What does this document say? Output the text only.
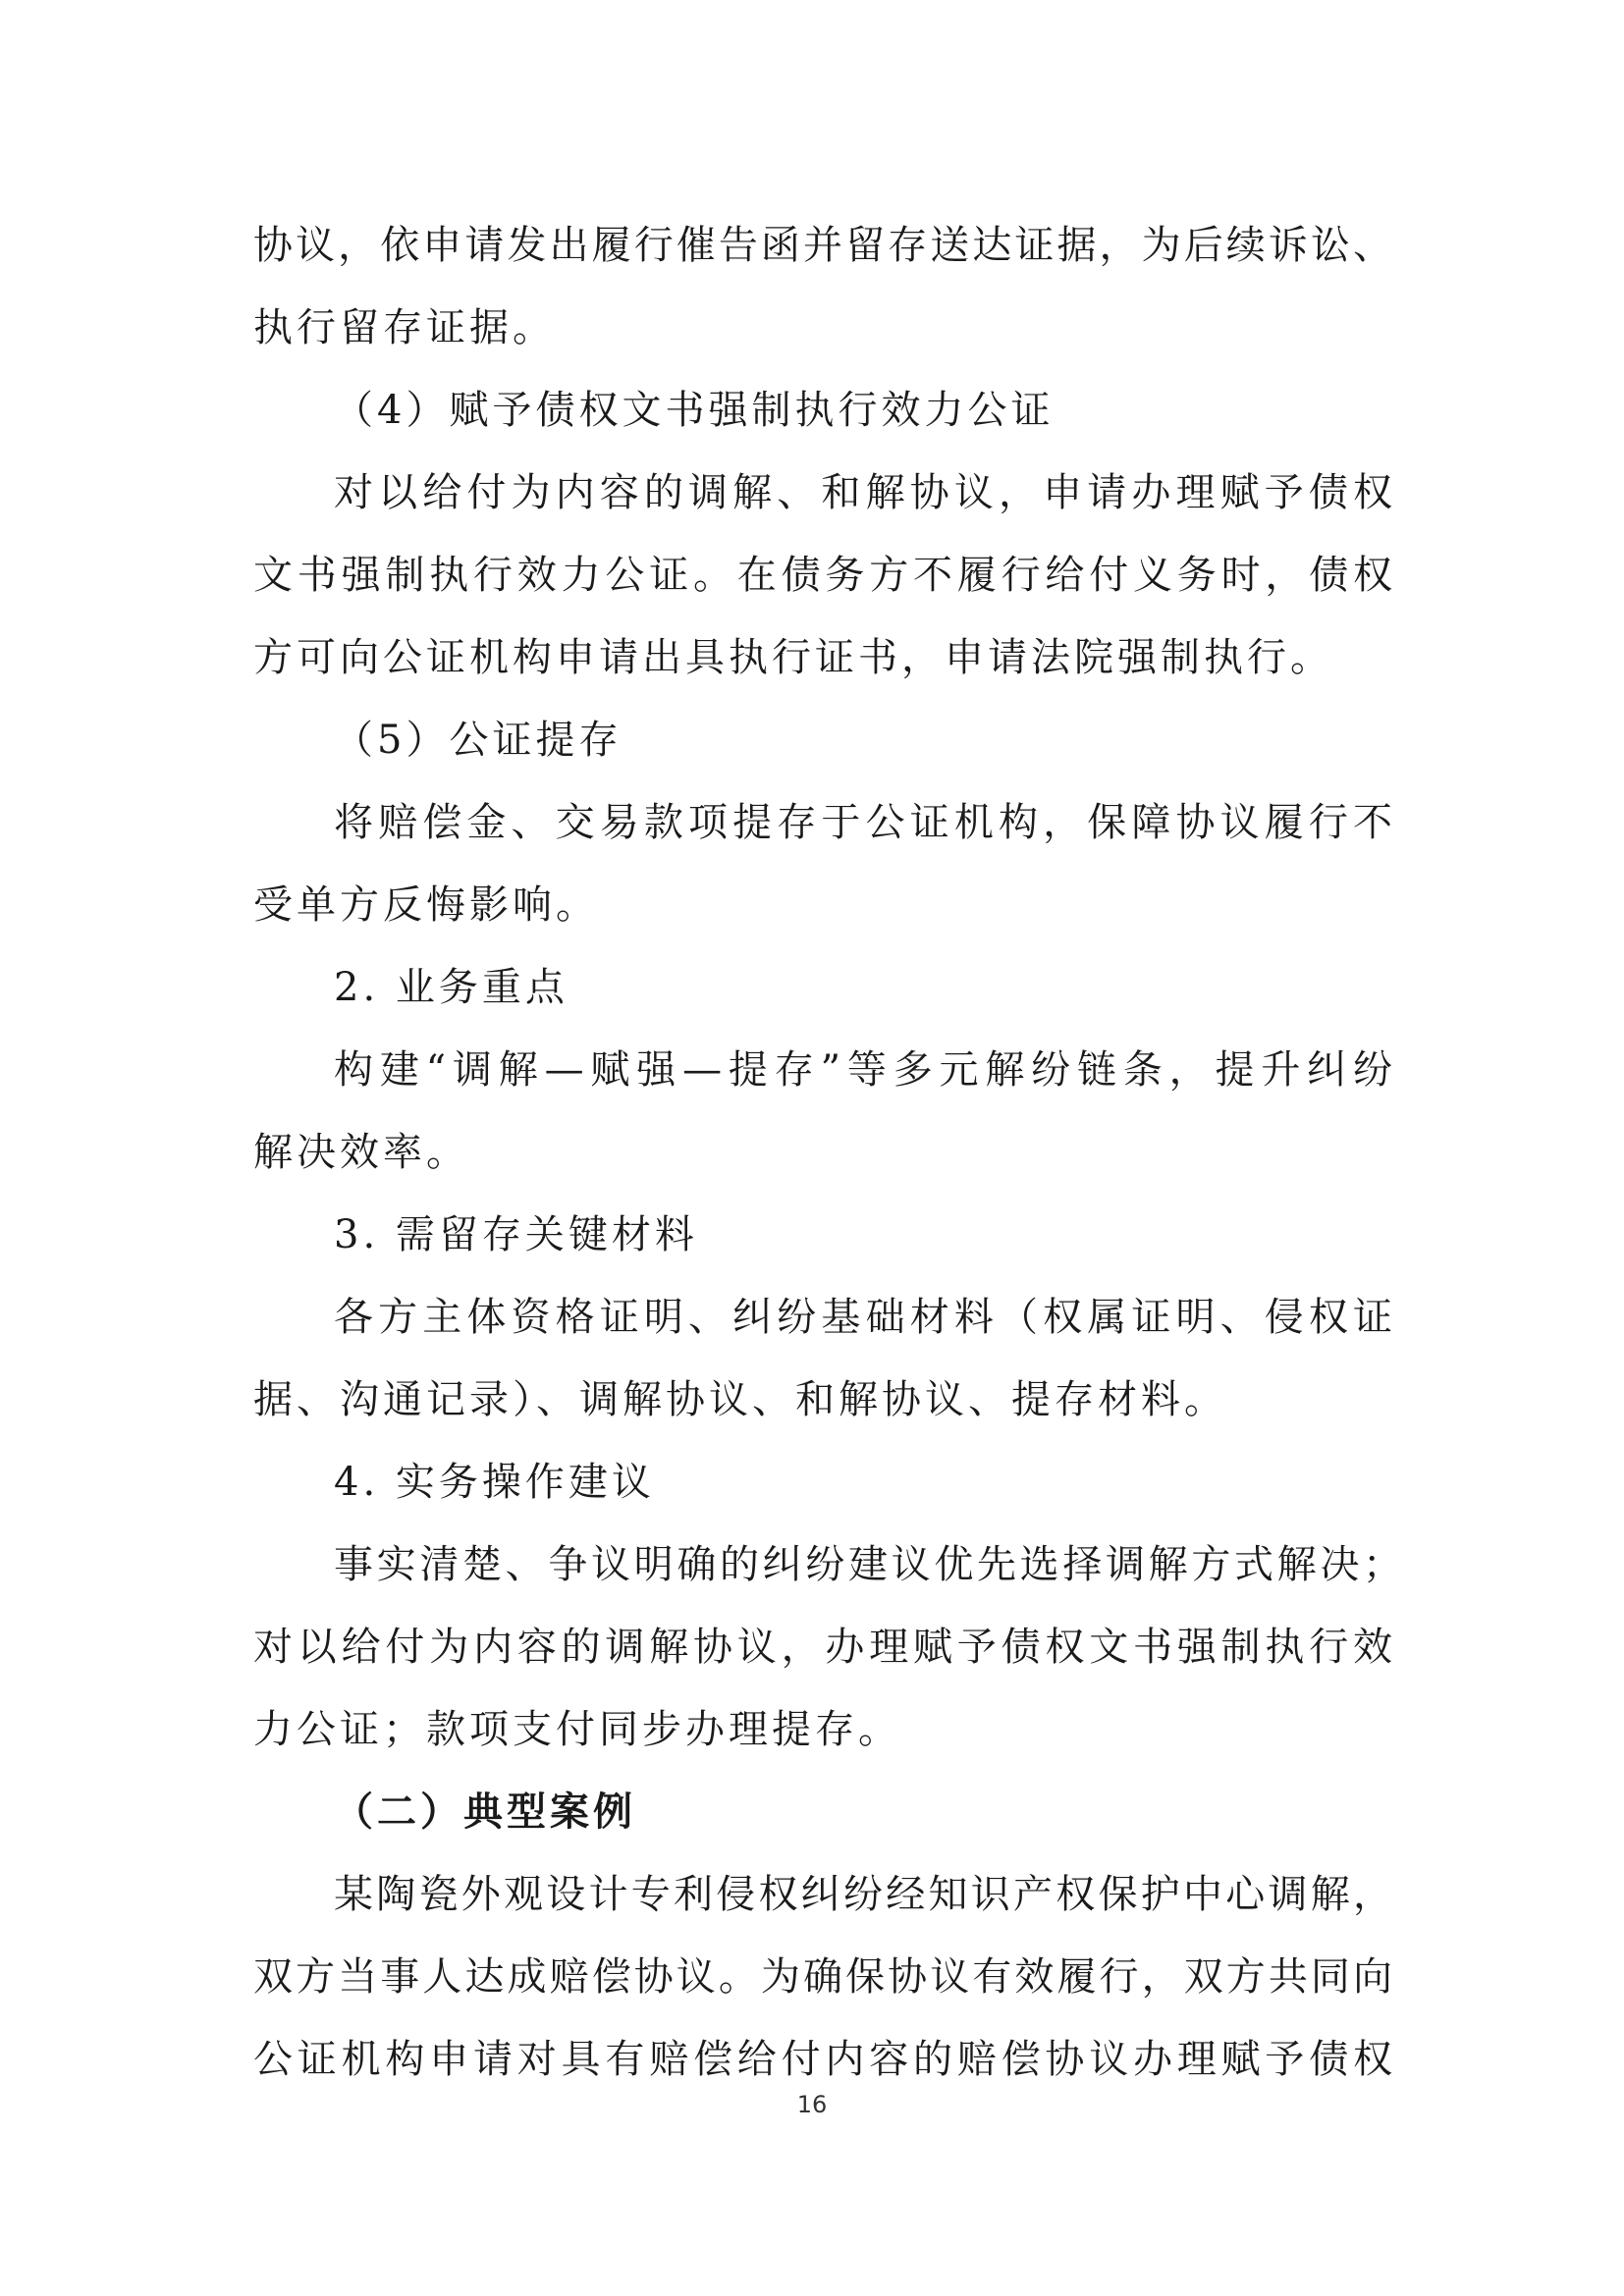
协议，依申请发出履行催告函并留存送达证据，为后续诉讼、
执行留存证据。
（4）赋予债权文书强制执行效力公证
对以给付为内容的调解、和解协议，申请办理赋予债权
文书强制执行效力公证。在债务方不履行给付义务时，债权
方可向公证机构申请出具执行证书，申请法院强制执行。
（5）公证提存
将赔偿金、交易款项提存于公证机构，保障协议履行不
受单方反悔影响。
2. 业务重点
构建“调解—赋强—提存”等多元解纷链条，提升纠纷
解决效率。
3. 需留存关键材料
各方主体资格证明、纠纷基础材料（权属证明、侵权证
据、沟通记录）、调解协议、和解协议、提存材料。
4. 实务操作建议
事实清楚、争议明确的纠纷建议优先选择调解方式解决；
对以给付为内容的调解协议，办理赋予债权文书强制执行效
力公证；款项支付同步办理提存。
（二）典型案例
某陶瓷外观设计专利侵权纠纷经知识产权保护中心调解，
双方当事人达成赔偿协议。为确保协议有效履行，双方共同向
公证机构申请对具有赔偿给付内容的赔偿协议办理赋予债权
16
